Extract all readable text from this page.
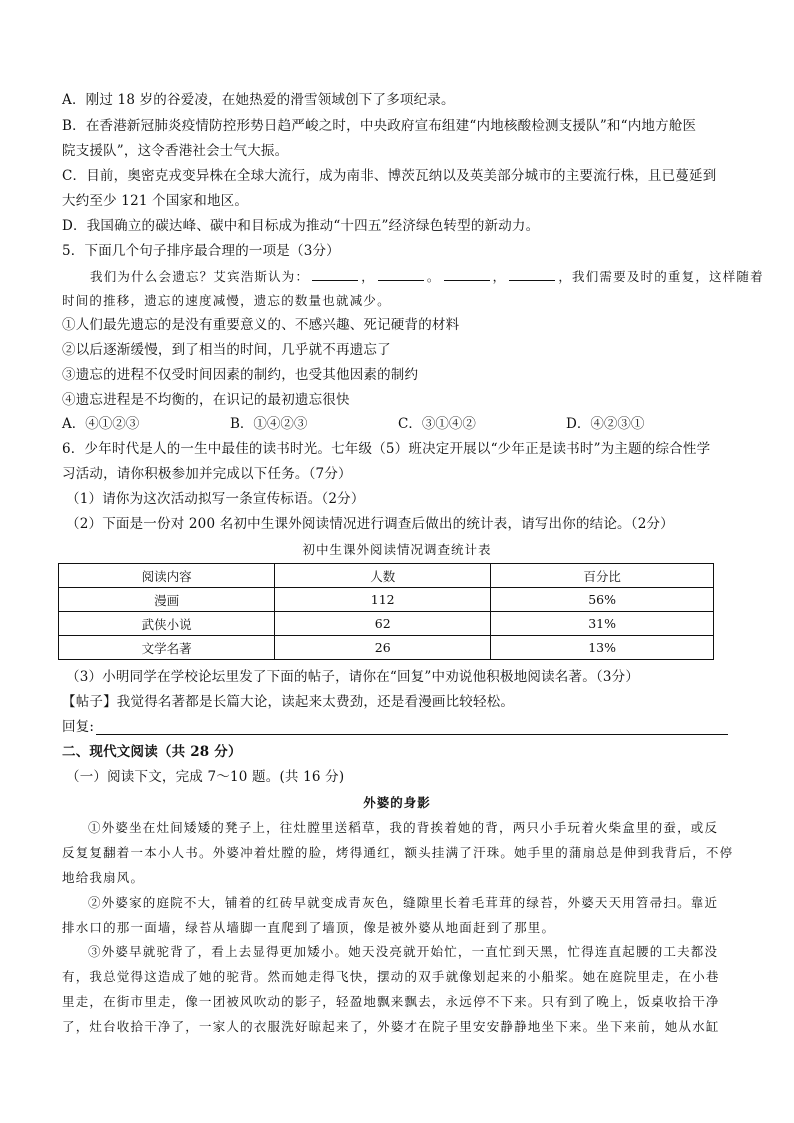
A．刚过 18 岁的谷爱凌，在她热爱的滑雪领域创下了多项纪录。
B．在香港新冠肺炎疫情防控形势日趋严峻之时，中央政府宣布组建“内地核酸检测支援队”和“内地方舱医
院支援队”，这令香港社会士气大振。
C．目前，奥密克戎变异株在全球大流行，成为南非、博茨瓦纳以及英美部分城市的主要流行株，且已蔓延到
大约至少 121 个国家和地区。
D．我国确立的碳达峰、碳中和目标成为推动“十四五”经济绿色转型的新动力。
5．下面几个句子排序最合理的一项是（3分）
我们为什么会遗忘？艾宾浩斯认为：	，	。	，	，我们需要及时的重复，这样随着
时间的推移，遗忘的速度减慢，遗忘的数量也就减少。
①人们最先遗忘的是没有重要意义的、不感兴趣、死记硬背的材料
②以后逐渐缓慢，到了相当的时间，几乎就不再遗忘了
③遗忘的进程不仅受时间因素的制约，也受其他因素的制约
④遗忘进程是不均衡的，在识记的最初遗忘很快
A．④①②③	B．①④②③	C．③①④②	D．④②③①
6．少年时代是人的一生中最佳的读书时光。七年级（5）班决定开展以“少年正是读书时”为主题的综合性学
习活动，请你积极参加并完成以下任务。（7分）
（1）请你为这次活动拟写一条宣传标语。（2分）
（2）下面是一份对 200 名初中生课外阅读情况进行调查后做出的统计表，请写出你的结论。（2分）
初中生课外阅读情况调查统计表
阅读内容	人数	百分比
漫画	112	56%
武侠小说	62	31%
文学名著	26	13%
（3）小明同学在学校论坛里发了下面的帖子，请你在“回复”中劝说他积极地阅读名著。（3分）
【帖子】我觉得名著都是长篇大论，读起来太费劲，还是看漫画比较轻松。
回复:
二、现代文阅读（共 28 分）
（一）阅读下文，完成 7～10 题。(共 16 分)
外婆的身影
①外婆坐在灶间矮矮的凳子上，往灶膛里送稻草，我的背挨着她的背，两只小手玩着火柴盒里的蚕，或反
反复复翻着一本小人书。外婆冲着灶膛的脸，烤得通红，额头挂满了汗珠。她手里的蒲扇总是伸到我背后，不停
地给我扇风。
②外婆家的庭院不大，铺着的红砖早就变成青灰色，缝隙里长着毛茸茸的绿苔，外婆天天用笤帚扫。靠近
排水口的那一面墙，绿苔从墙脚一直爬到了墙顶，像是被外婆从地面赶到了那里。
③外婆早就驼背了，看上去显得更加矮小。她天没亮就开始忙，一直忙到天黑，忙得连直起腰的工夫都没
有，我总觉得这造成了她的驼背。然而她走得飞快，摆动的双手就像划起来的小船桨。她在庭院里走，在小巷
里走，在街市里走，像一团被风吹动的影子，轻盈地飘来飘去，永远停不下来。只有到了晚上，饭桌收拾干净
了，灶台收拾干净了，一家人的衣服洗好晾起来了，外婆才在院子里安安静静地坐下来。坐下来前，她从水缸
